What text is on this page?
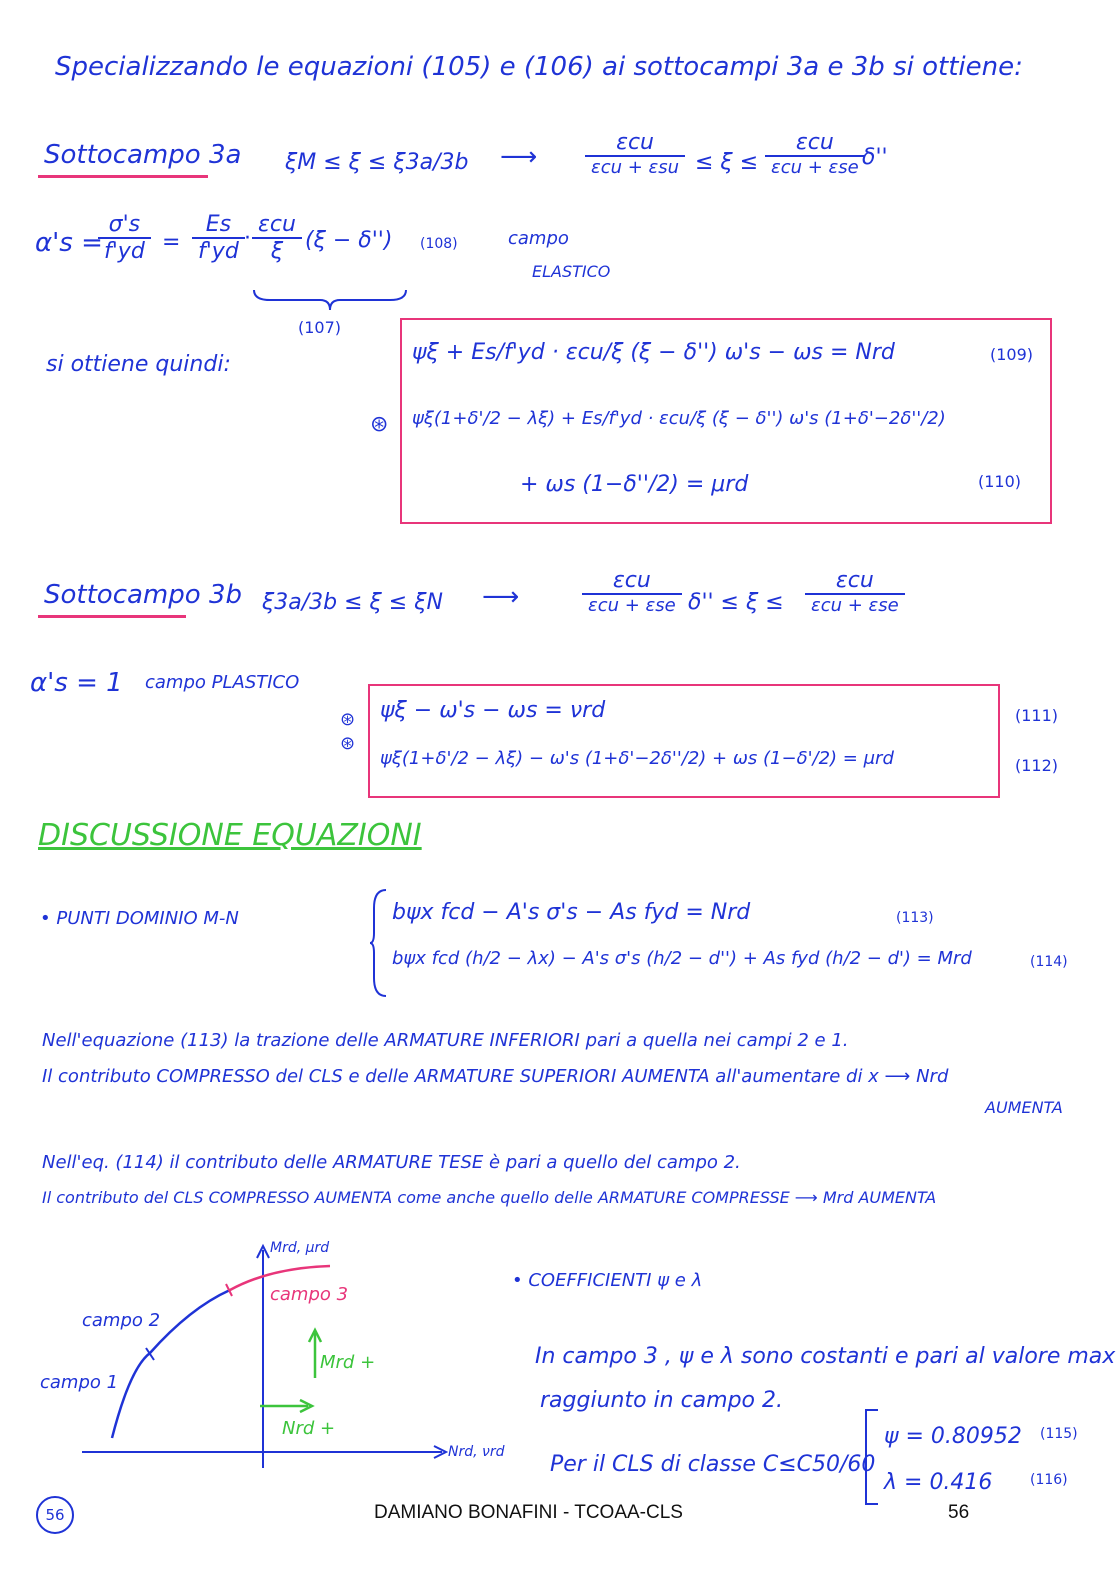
Specializzando le equazioni (105) e (106) ai sottocampi 3a e 3b si ottiene:
Sottocampo 3a ξM ≤ ξ ≤ ξ3a/3b ⟶	εcu
εcu + εsu ≤ ξ ≤
εcu
εcu + εse δ''
α's =
$\frac{\sigma's}{f'yd} = \frac{Es}{f'yd}$ ·
εcu
ξ (ξ − δ'') (108)
(107)
campo
ELASTICO
si ottiene quindi:
⊛
ψξ + Es/f'yd · εcu/ξ (ξ − δ'') ω's − ωs = Nrd	(109)
ψξ(1+δ'/2 − λξ) + Es/f'yd · εcu/ξ (ξ − δ'') ω's (1+δ'−2δ''/2)
+ ωs (1−δ''/2) = μrd	(110)
Sottocampo 3b ξ3a/3b ≤ ξ ≤ ξN ⟶
εcu
εcu + εse δ'' ≤ ξ ≤
εcu
εcu + εse
α's = 1 campo PLASTICO
⊛
⊛
ψξ − ω's − ωs = νrd
ψξ(1+δ'/2 − λξ) − ω's (1+δ'−2δ''/2) + ωs (1−δ'/2) = μrd
(111)
(112)
DISCUSSIONE EQUAZIONI
• PUNTI DOMINIO M-N	bψx fcd − A's σ's − As fyd = Nrd	(113)
bψx fcd (h/2 − λx) − A's σ's (h/2 − d'') + As fyd (h/2 − d') = Mrd	(114)
Nell'equazione (113) la trazione delle ARMATURE INFERIORI pari a quella nei campi 2 e 1.
Il contributo COMPRESSO del CLS e delle ARMATURE SUPERIORI AUMENTA all'aumentare di x ⟶ Nrd
AUMENTA
Nell'eq. (114) il contributo delle ARMATURE TESE è pari a quello del campo 2.
Il contributo del CLS COMPRESSO AUMENTA come anche quello delle ARMATURE COMPRESSE ⟶ Mrd AUMENTA
Mrd, μrd
Nrd, νrd
campo 1
campo 2
campo 3
Mrd +
Nrd +
• COEFFICIENTI ψ e λ
In campo 3 , ψ e λ sono costanti e pari al valore max
raggiunto in campo 2.
Per il CLS di classe C≤C50/60
ψ = 0.80952 (115)
λ = 0.416	(116)
56	DAMIANO BONAFINI - TCOAA-CLS	56
